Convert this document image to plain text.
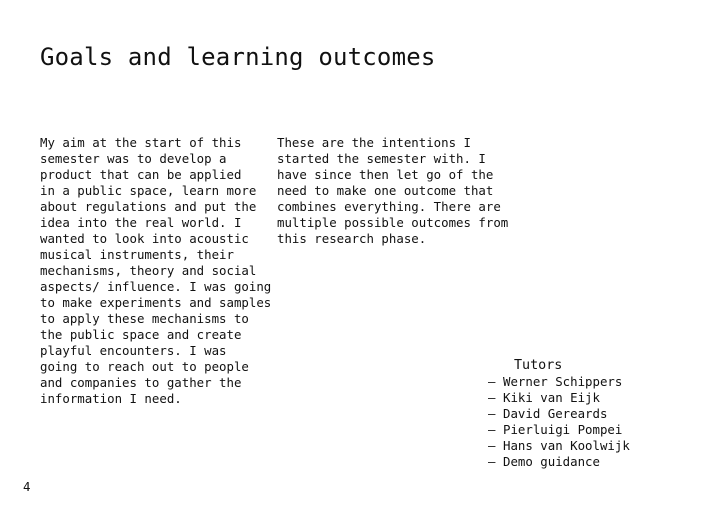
Goals and learning outcomes

My aim at the start of this
semester was to develop a
product that can be applied
in a public space, learn more
about regulations and put the
idea into the real world. I
wanted to look into acoustic
musical instruments, their
mechanisms, theory and social
aspects/ influence. I was going
to make experiments and samples
to apply these mechanisms to
the public space and create
playful encounters. I was
going to reach out to people
and companies to gather the
information I need.

These are the intentions I
started the semester with. I
have since then let go of the
need to make one outcome that
combines everything. There are
multiple possible outcomes from
this research phase.

Tutors
– Werner Schippers
– Kiki van Eijk
– David Gereards
– Pierluigi Pompei
– Hans van Koolwijk
– Demo guidance
4
